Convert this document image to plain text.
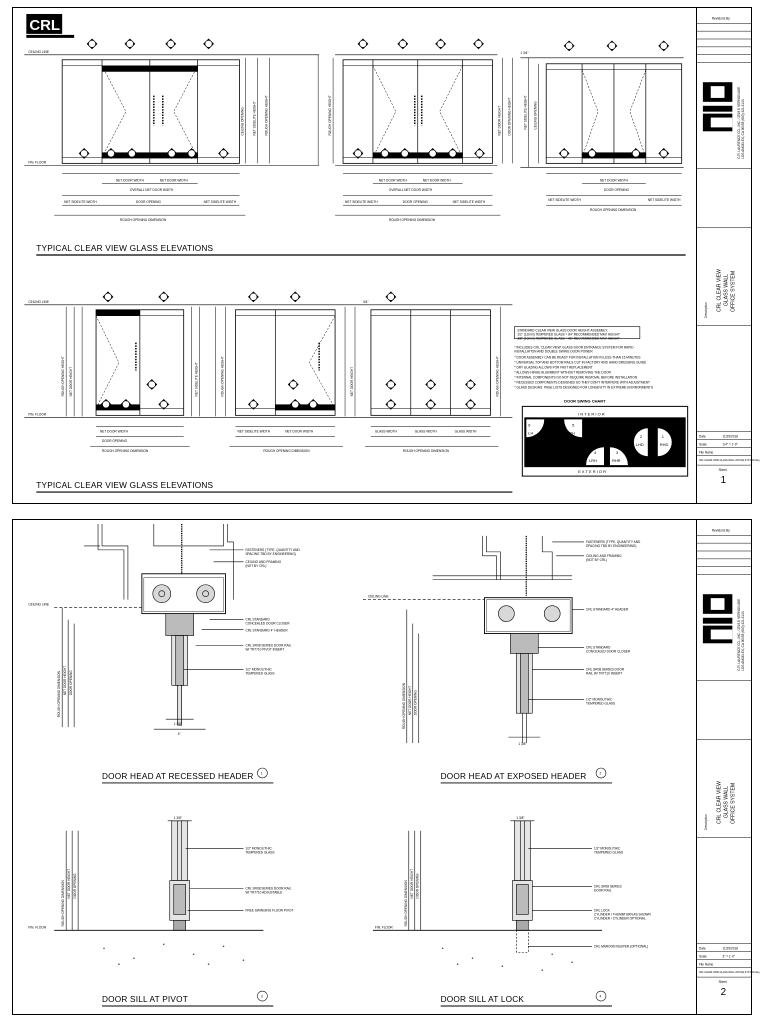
CRL
CEILING LINE
FIN. FLOOR
NET DOOR WIDTH	NET DOOR WIDTH
OVERALL NET DOOR WIDTH
NET SIDELITE WIDTH	DOOR OPENING	NET SIDELITE WIDTH
ROUGH OPENING DIMENSION
NET DOOR WIDTH	NET DOOR WIDTH
OVERALL NET DOOR WIDTH
NET SIDELITE WIDTH	DOOR OPENING	NET SIDELITE WIDTH
ROUGH OPENING DIMENSION
NET DOOR WIDTH
DOOR OPENING
NET SIDELITE WIDTH	NET SIDELITE WIDTH
ROUGH OPENING DIMENSION
CEILING OPENING NET SIDELITE HEIGHT ROUGH OPENING HEIGHT	ROUGH OPENING HEIGHT	NET DOOR HEIGHT DOOR OPENING HEIGHT	NET SIDELITE HEIGHT CEILING OPENING
1 3/4"
TYPICAL CLEAR VIEW GLASS ELEVATIONS
CEILING LINE
FIN. FLOOR
NET DOOR WIDTH
DOOR OPENING
ROUGH OPENING DIMENSION
NET SIDELITE WIDTH	NET DOOR WIDTH
ROUGH OPENING DIMENSION
GLASS WIDTH	GLASS WIDTH	GLASS WIDTH
ROUGH OPENING DIMENSION
ROUGH OPENING HEIGHT NET DOOR HEIGHT	NET SIDELITE HEIGHT	ROUGH OPENING HEIGHT	NET DOOR HEIGHT	ROUGH OPENING HEIGHT
3/4"
STANDARD CLEAR VIEW GLASS DOOR HEIGHT ASSEMBLY:
1/2" (12mm) TEMPERED GLASS = 84" RECOMMENDED MAX HEIGHT
3/8" (10mm) TEMPERED GLASS = 96" RECOMMENDED MAX HEIGHT
* INCLUDES CRL 'CLEAR VIEW' GLASS DOOR ENTRANCE SYSTEM FOR RAPID
INSTALLATION AND DOUBLE SWING DOOR POWER
* DOOR ASSEMBLY CAN BE READY FOR INSTALLATION IN LESS THAN 15 MINUTES
* UNIVERSAL TOP AND BOTTOM RAILS CUT IN FACTORY AND HAND DRESSING GUIDE
* DRY GLAZING ALLOWS FOR FAST REPLACEMENT
* ALLOWS HINGE ALIGNMENT WITHOUT REMOVING THE DOOR
* INTERNAL COMPONENTS DO NOT REQUIRE REMOVAL BEFORE INSTALLATION
* RECESSED COMPONENTS DESIGNED SO THEY DON'T INTERFERE WITH ADJUSTMENT
* GLASS DESIGNS: PAGE LISTS DESIGNED FOR LONGEVITY IN EXTREME ENVIRONMENTS
DOOR SWING CHART
I N T E R I O R
E X T E R I O R
6
LH
5
RH
4
LRH
3
RHR
2
LHD
1
RHD
TYPICAL CLEAR VIEW GLASS ELEVATIONS
Revisions By
C.R. LAURENCE CO., INC. / 2503 E VERNON AVE LOS ANGELES, CA 90058 (800) 421-6144
CRL CLEAR VIEW GLASS WALL OFFICE SYSTEM
Description
Date	11/29/2018
Scale	1/4" = 1'-0"
File Name
CRL-CLEAR-VIEW-GLASS-WALL-OFFICE-SYSTEM.dwg
Sheet
1
CEILING LINE
ROUGH OPENING DIMENSION NET DOOR HEIGHT DOOR OPENING
1 3/8"
4"
FASTENERS (TYPE, QUANTITY AND
SPACING TBD BY ENGINEERING)
CEILING AND FRAMING
(NOT BY CRL)
CRL STANDARD
CONCEALED DOOR CLOSER
CRL STANDARD 4" HEADER
CRL SR08 SERIES DOOR RAIL
W/ TR7710 PIVOT INSERT
1/2" MONOLITHIC
TEMPERED GLASS
CEILING LINE
ROUGH OPENING DIMENSION NET DOOR HEIGHT DOOR OPENING
1 3/8"
FASTENERS (TYPE, QUANTITY AND
SPACING TBD BY ENGINEERING)
CEILING AND FRAMING
(NOT BY CRL)
CRL STANDARD 4" HEADER
CRL STANDARD
CONCEALED DOOR CLOSER
CRL SR08 SERIES DOOR
RAIL W/ TR7710 INSERT
1/2" MONOLITHIC
TEMPERED GLASS
DOOR HEAD AT RECESSED HEADER 1	DOOR HEAD AT EXPOSED HEADER	2
FIN. FLOOR
ROUGH OPENING DIMENSION NET DOOR HEIGHT DOOR OPENING
1 3/8"
1/2" MONOLITHIC
TEMPERED GLASS
CRL SR08 SERIES DOOR RAIL
W/ TR7710 ADJUSTABLE
FREE SWINGING FLOOR PIVOT
FIN. FLOOR
ROUGH OPENING DIMENSION NET DOOR HEIGHT DOOR OPENING
1 3/8"
1/2" MONOLITHIC
TEMPERED GLASS
CRL SR08 SERIES
DOOR RAIL
CRL LOCK
CYLINDER / THUMBTURN AS SHOWN
CYLINDER / CYLINDER OPTIONAL
CRL MAROON KEEPER (OPTIONAL)
DOOR SILL AT PIVOT	3	DOOR SILL AT LOCK	4
Revisions By
C.R. LAURENCE CO., INC. / 2503 E VERNON AVE LOS ANGELES, CA 90058 (800) 421-6144
CRL CLEAR VIEW GLASS WALL OFFICE SYSTEM
Description
Date	11/29/2018
Scale	3" = 1'-0"
File Name
CRL-CLEAR-VIEW-GLASS-WALL-OFFICE-SYSTEM.dwg
Sheet
2
